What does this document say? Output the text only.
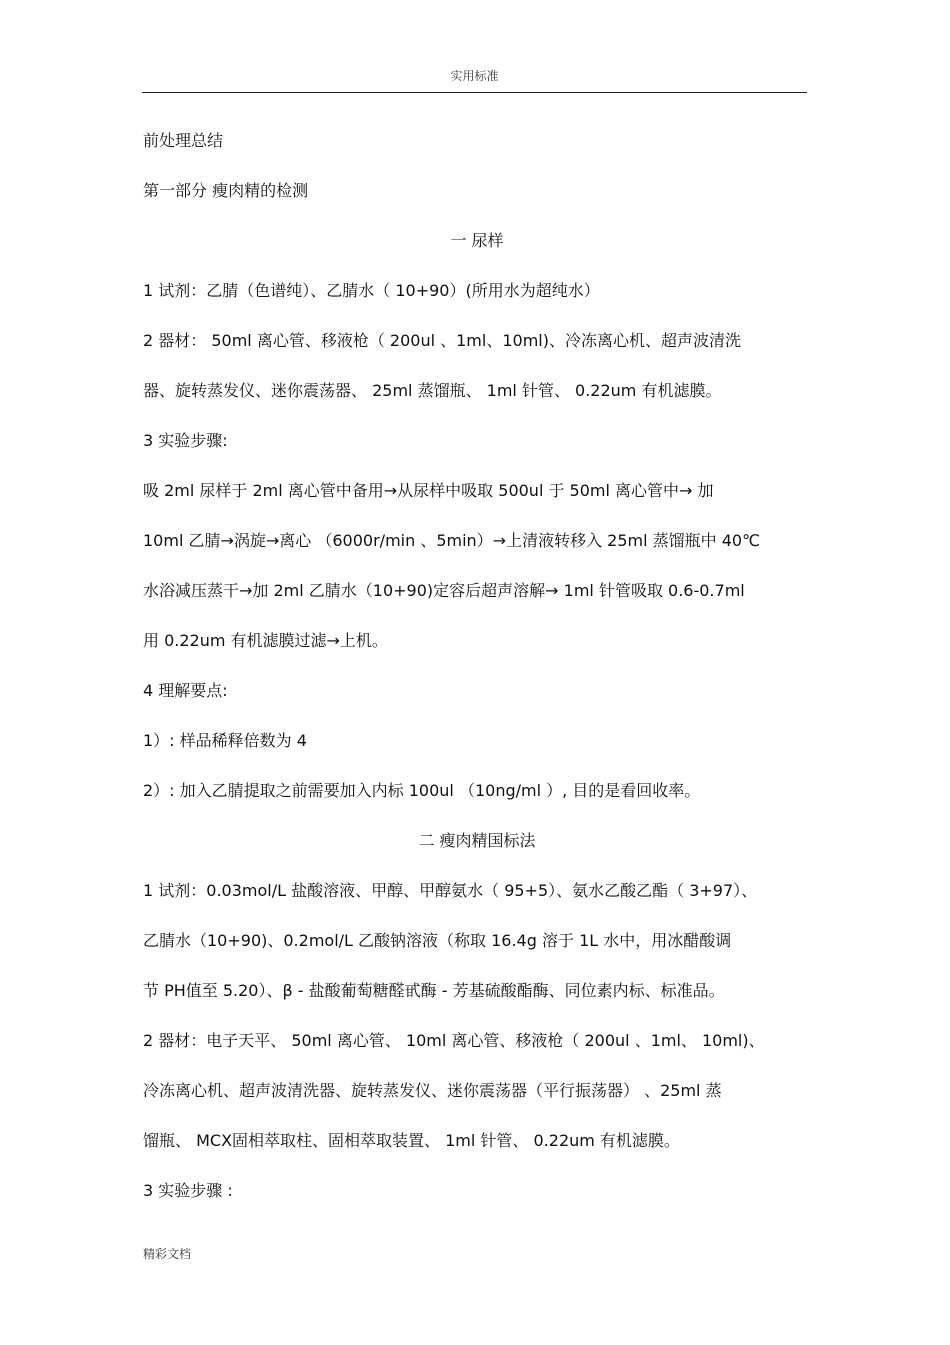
实用标准
前处理总结
第一部分 瘦肉精的检测
一 尿样
1 试剂：乙腈（色谱纯）、乙腈水（ 10+90）(所用水为超纯水）
2 器材： 50ml 离心管、移液枪（ 200ul 、1ml、10ml)、冷冻离心机、超声波清洗
器、旋转蒸发仪、迷你震荡器、 25ml 蒸馏瓶、 1ml 针管、 0.22um 有机滤膜。
3 实验步骤:
吸 2ml 尿样于 2ml 离心管中备用→从尿样中吸取 500ul 于 50ml 离心管中→ 加
10ml 乙腈→涡旋→离心 （6000r/min 、5min）→上清液转移入 25ml 蒸馏瓶中 40℃
水浴减压蒸干→加 2ml 乙腈水（10+90)定容后超声溶解→ 1ml 针管吸取 0.6-0.7ml
用 0.22um 有机滤膜过滤→上机。
4 理解要点:
1）: 样品稀释倍数为 4
2）: 加入乙腈提取之前需要加入内标 100ul （10ng/ml ）, 目的是看回收率。
二 瘦肉精国标法
1 试剂：0.03mol/L 盐酸溶液、甲醇、甲醇氨水（ 95+5）、氨水乙酸乙酯（ 3+97）、
乙腈水（10+90)、0.2mol/L 乙酸钠溶液（称取 16.4g 溶于 1L 水中，用冰醋酸调
节 PH值至 5.20）、β - 盐酸葡萄糖醛甙酶 - 芳基硫酸酯酶、同位素内标、标准品。
2 器材：电子天平、 50ml 离心管、 10ml 离心管、移液枪（ 200ul 、1ml、 10ml)、
冷冻离心机、超声波清洗器、旋转蒸发仪、迷你震荡器（平行振荡器） 、25ml 蒸
馏瓶、 MCX固相萃取柱、固相萃取装置、 1ml 针管、 0.22um 有机滤膜。
3 实验步骤 :
精彩文档
